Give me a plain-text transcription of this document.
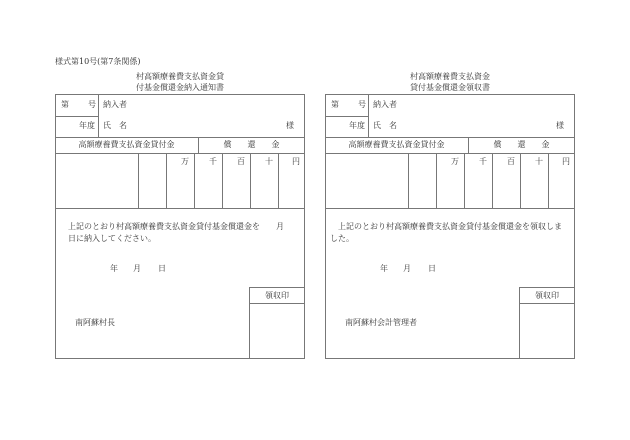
様式第10号(第7条関係)
村高額療養費支払資金貸
付基金償還金納入通知書
第 号 納入者
年度 氏　名	様
高額療養費支払資金貸付金	償　　還　　金
万	千	百	十 円
上記のとおり村高額療養費支払資金貸付基金償還金を　　月
日に納入してください。
年 月 日
領収印
南阿蘇村長
村高額療養費支払資金
貸付基金償還金領収書
第 号 納入者
年度 氏　名	様
高額療養費支払資金貸付金	償　　還　　金
万	千	百	十 円
上記のとおり村高額療養費支払資金貸付基金償還金を領収しま
した。
年 月 日
領収印
南阿蘇村会計管理者
